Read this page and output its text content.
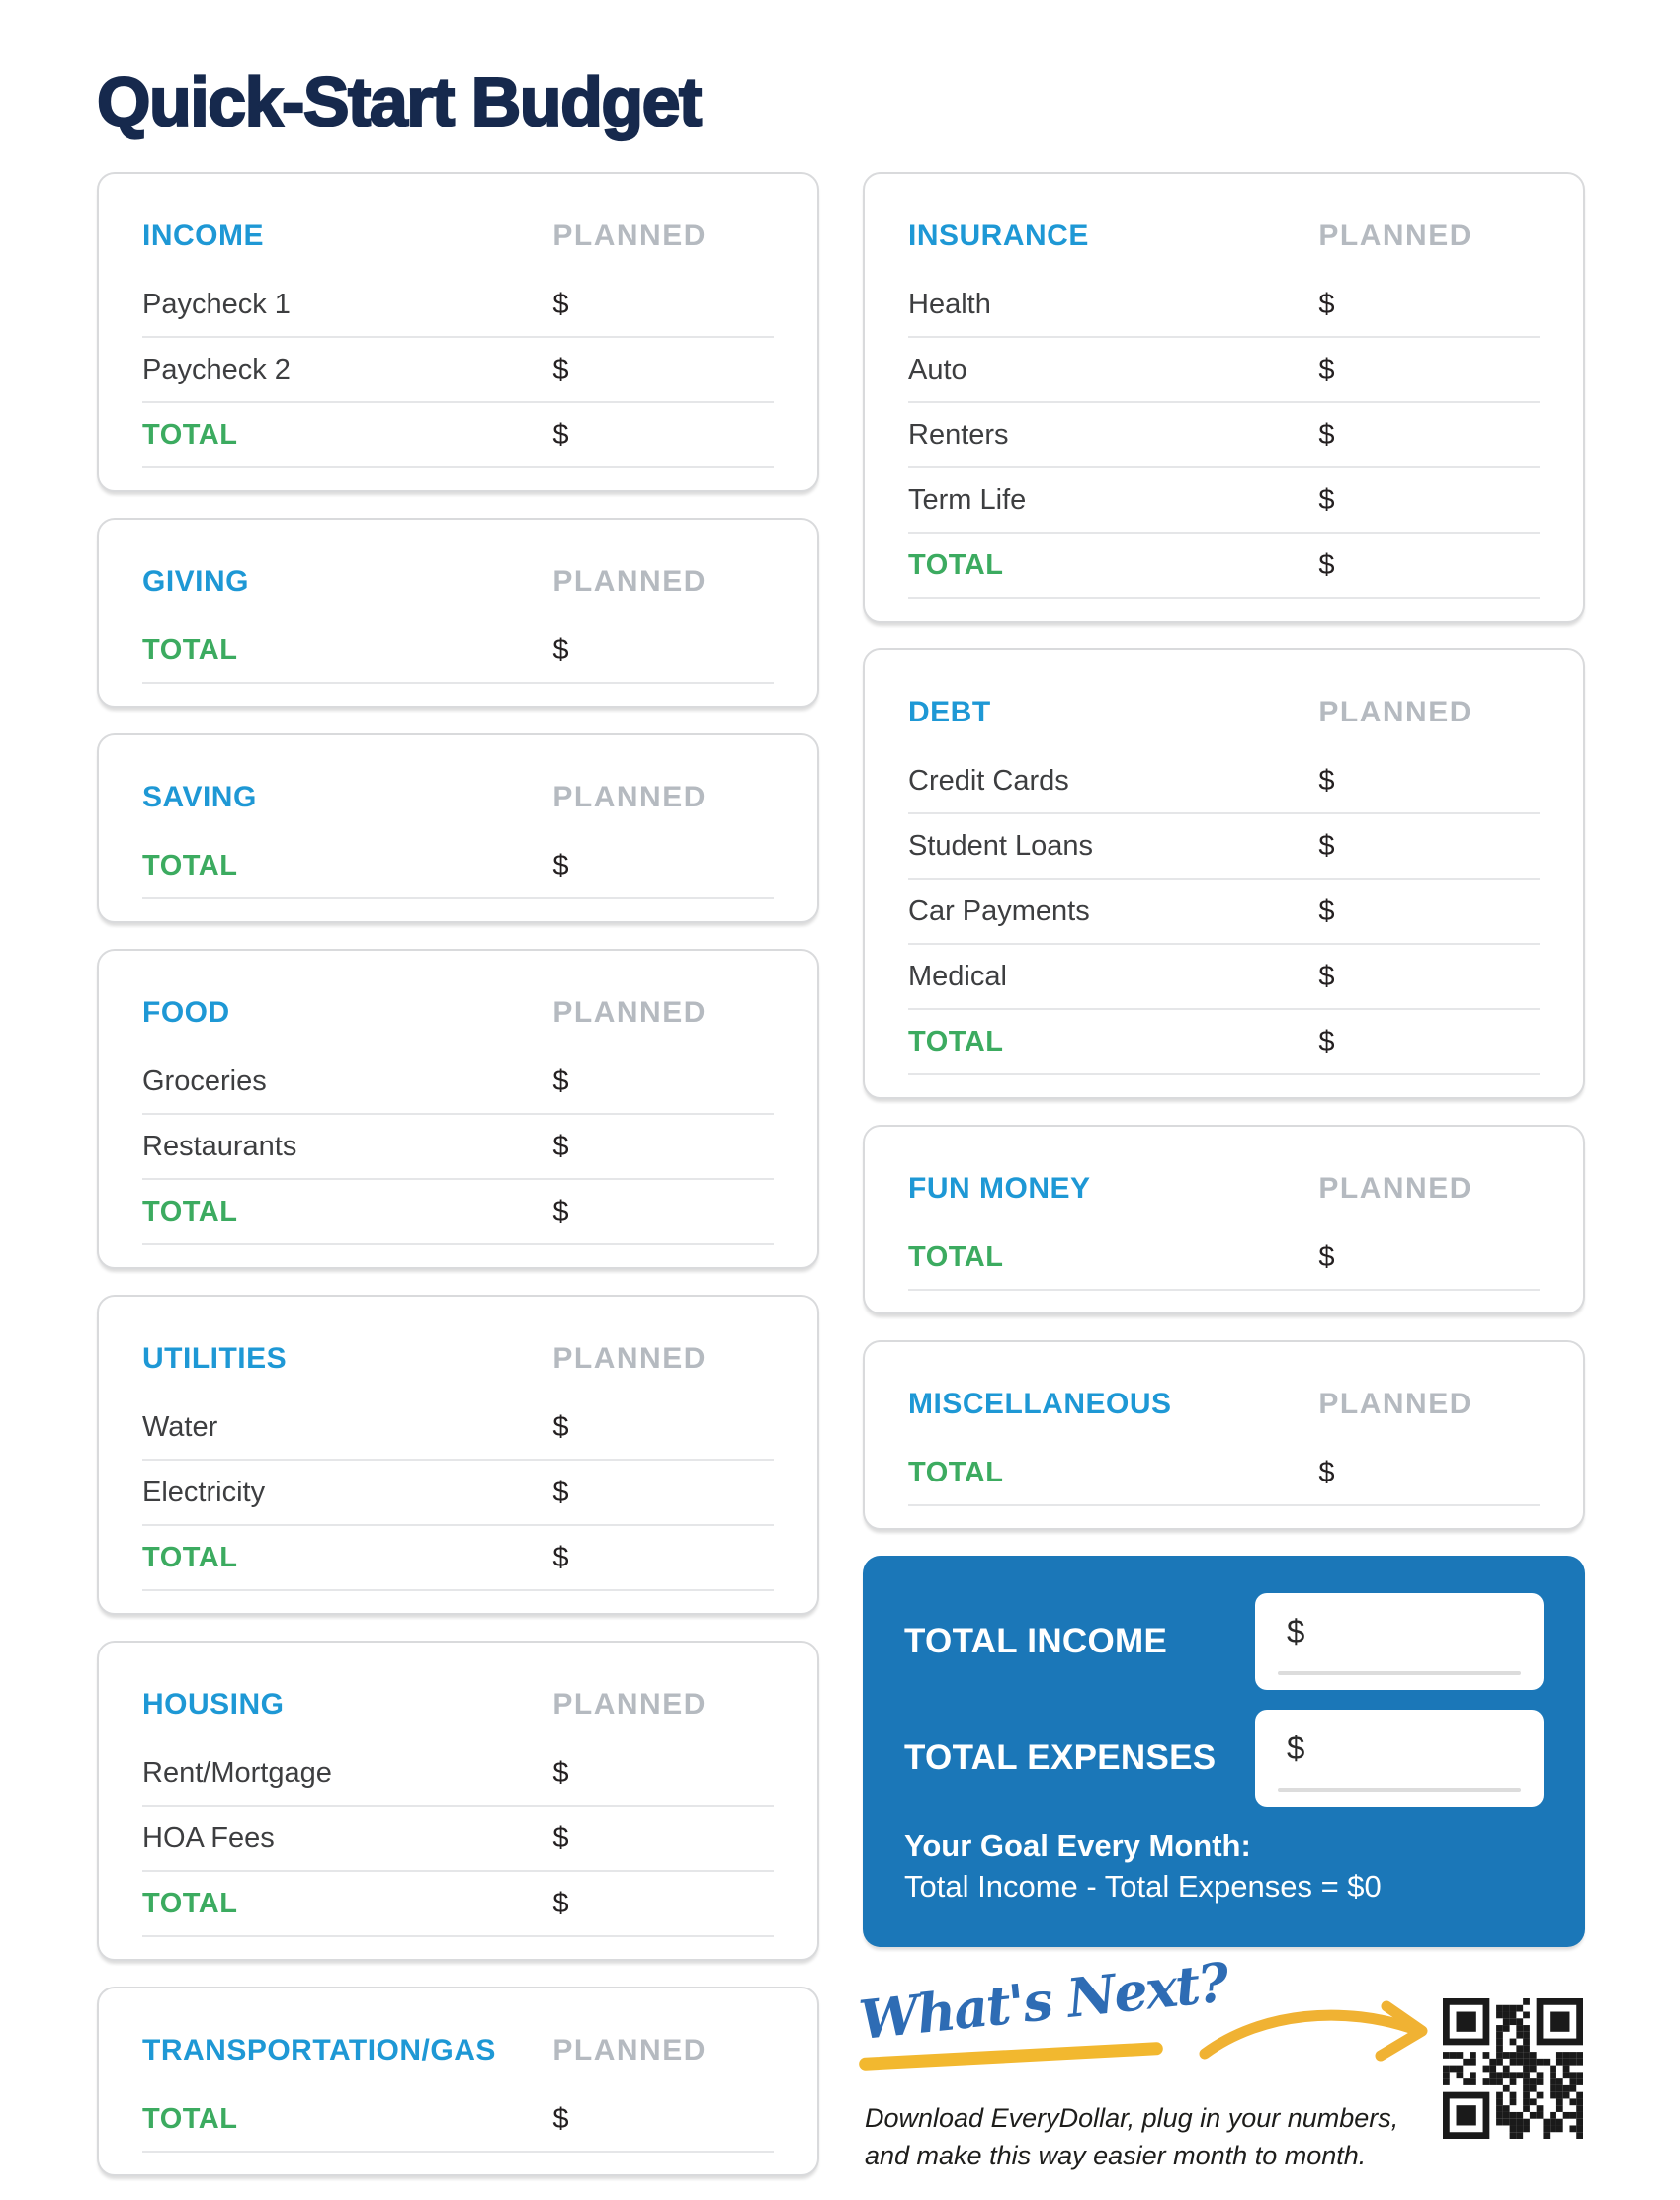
Quick-Start Budget
INCOME	PLANNED
Paycheck 1	$
Paycheck 2	$
TOTAL	$
GIVING	PLANNED
TOTAL	$
SAVING	PLANNED
TOTAL	$
FOOD	PLANNED
Groceries	$
Restaurants	$
TOTAL	$
UTILITIES	PLANNED
Water	$
Electricity	$
TOTAL	$
HOUSING	PLANNED
Rent/Mortgage	$
HOA Fees	$
TOTAL	$
TRANSPORTATION/GAS	PLANNED
TOTAL	$
INSURANCE	PLANNED
Health	$
Auto	$
Renters	$
Term Life	$
TOTAL	$
DEBT	PLANNED
Credit Cards	$
Student Loans	$
Car Payments	$
Medical	$
TOTAL	$
FUN MONEY	PLANNED
TOTAL	$
MISCELLANEOUS	PLANNED
TOTAL	$
TOTAL INCOME	$
TOTAL EXPENSES $
Your Goal Every Month:
Total Income - Total Expenses = $0
What's Next?
Download EveryDollar, plug in your numbers,
and make this way easier month to month.
